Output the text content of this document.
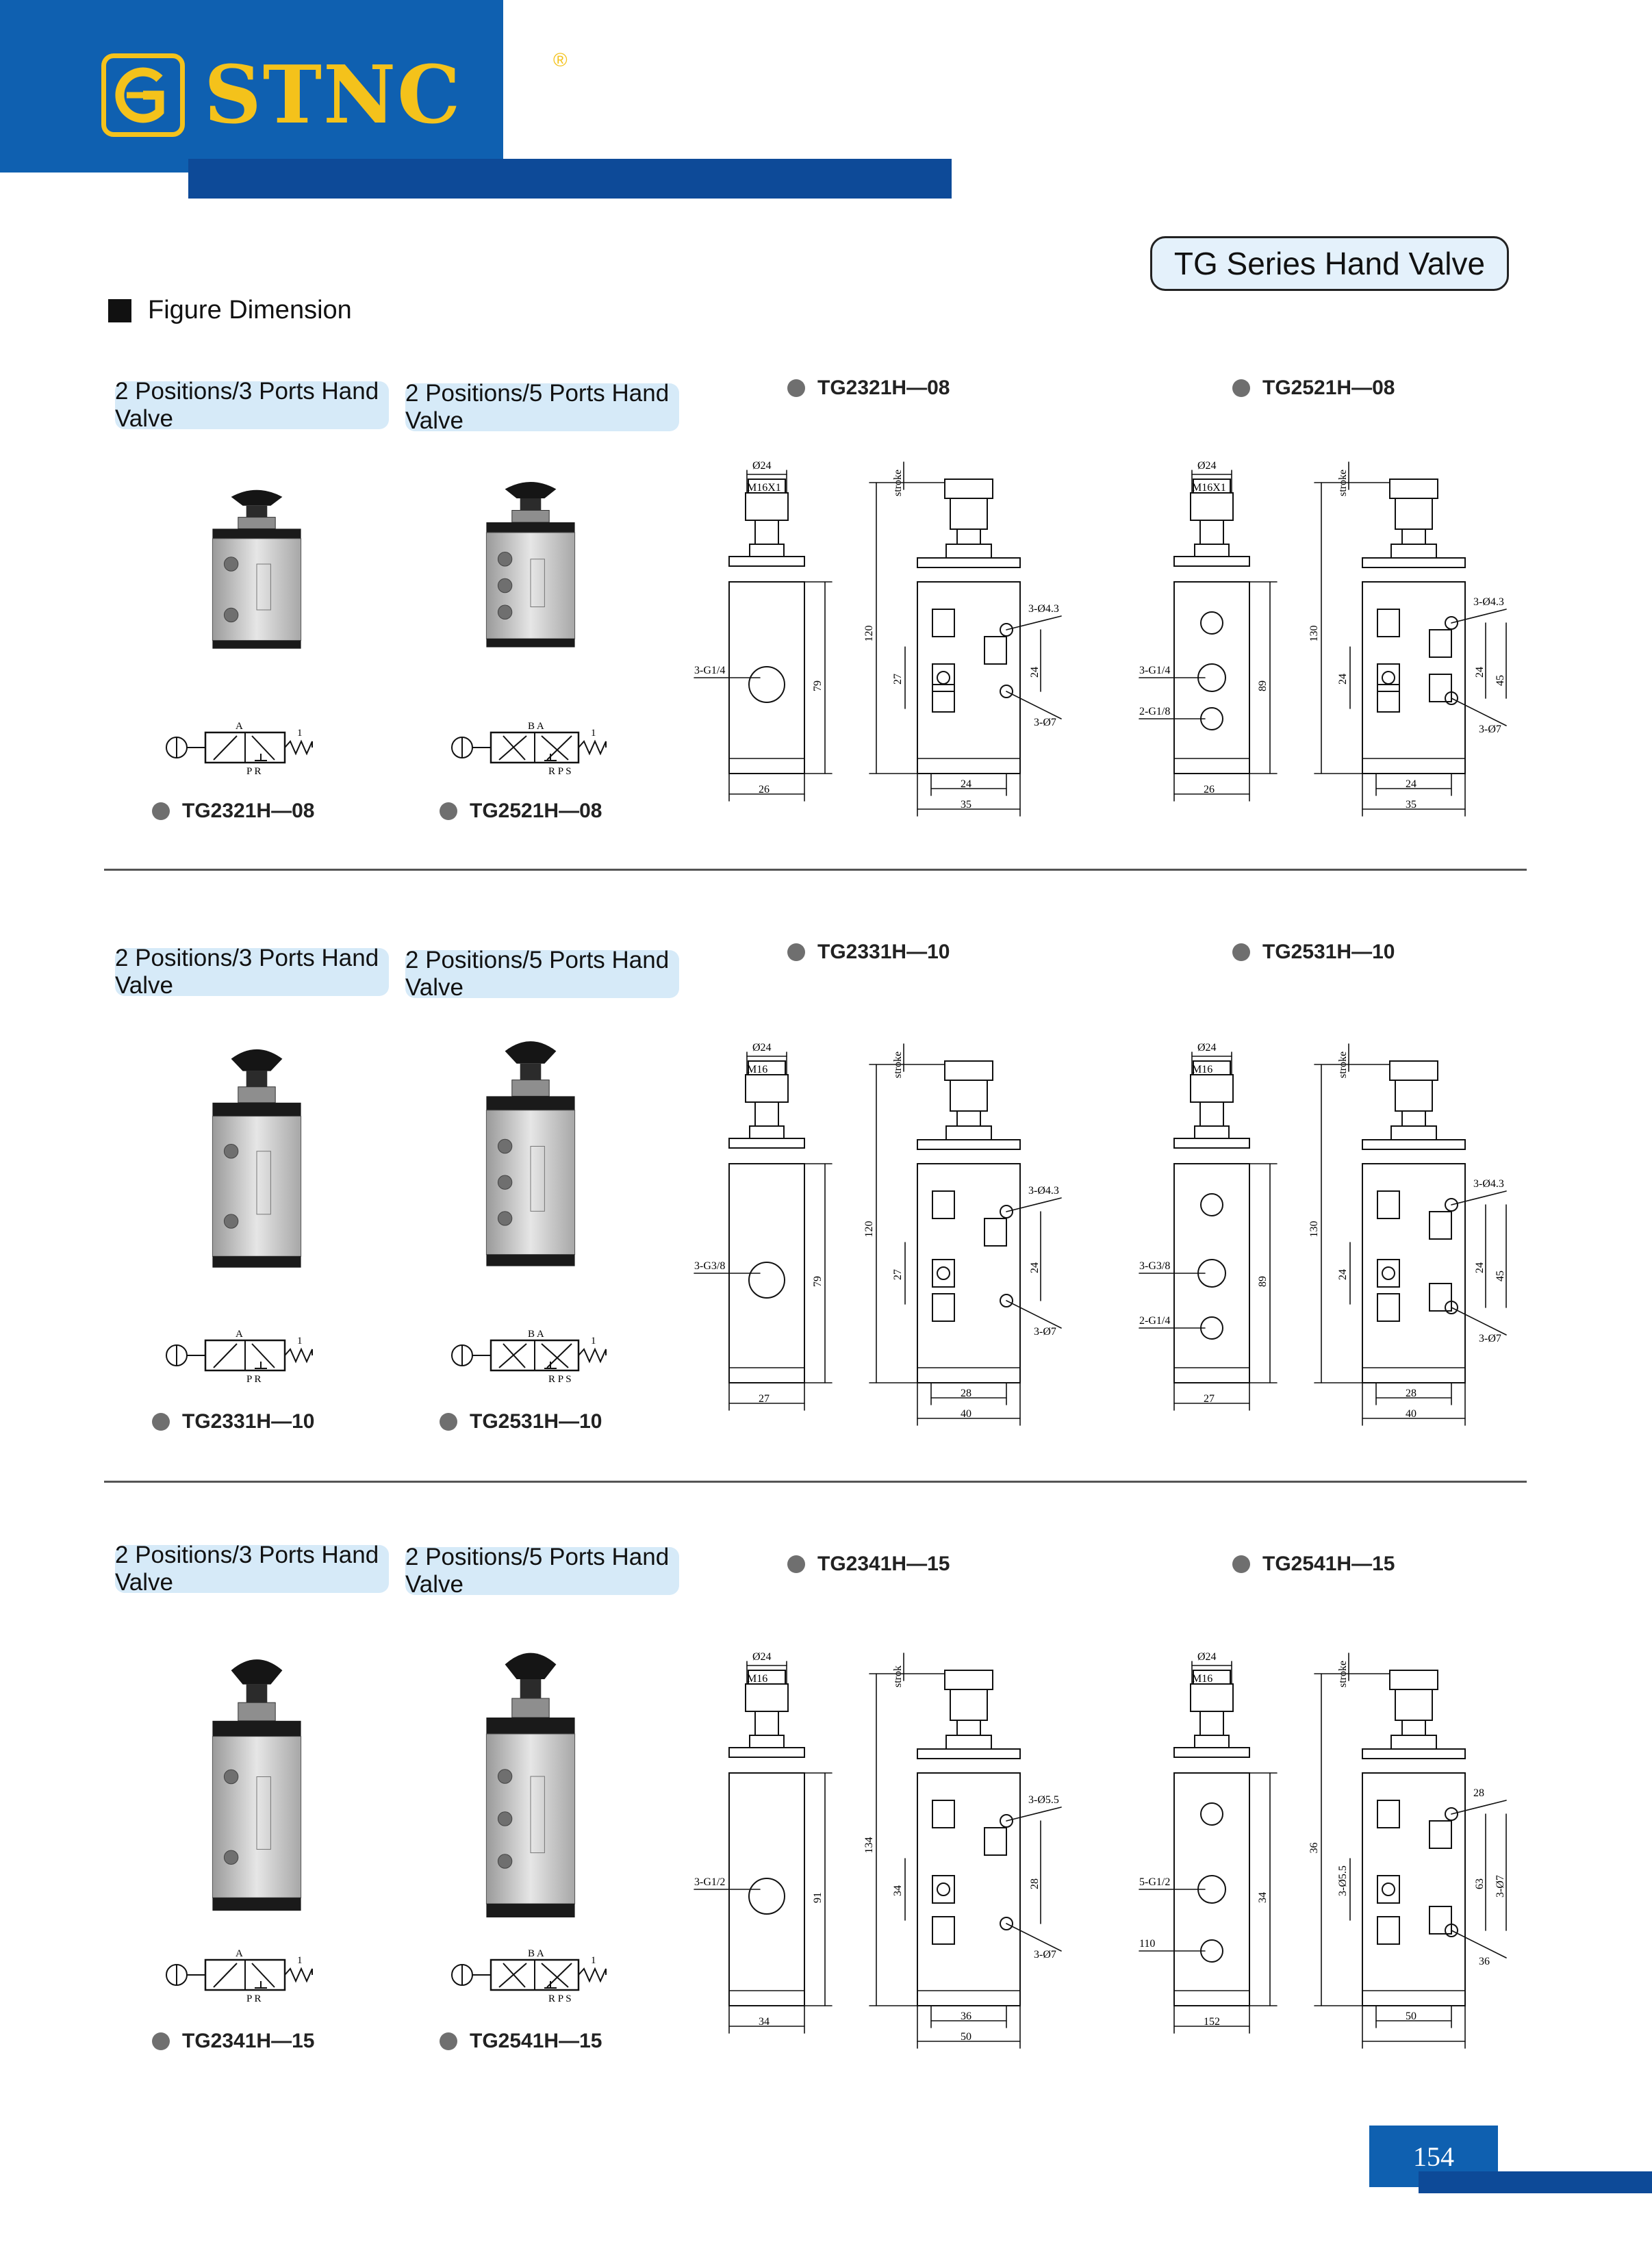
STNC	®
TG Series Hand Valve
Figure Dimension
2 Positions/3 Ports Hand Valve
2 Positions/5 Ports Hand Valve
A
P R
1
B A
R P S
1
TG2321H—08	TG2521H—08
TG2321H—08	TG2521H—08
Ø24
M16X1
79
26
3-G1/4
stroke
120
27
3-Ø4.3
24
3-Ø7
24
35
Ø24
M16X1
89
26
3-G1/4
2-G1/8
stroke
130
24
3-Ø4.3
24
45
3-Ø7
24
35
2 Positions/3 Ports Hand Valve
2 Positions/5 Ports Hand Valve
A
P R
1
B A
R P S
1
TG2331H—10	TG2531H—10
TG2331H—10	TG2531H—10
Ø24
M16
79
27
3-G3/8
stroke
120
27
3-Ø4.3
24
3-Ø7
28
40
Ø24
M16
89
27
3-G3/8
2-G1/4
stroke
130
24
3-Ø4.3
24
45
3-Ø7
28
40
2 Positions/3 Ports Hand Valve
2 Positions/5 Ports Hand Valve
A
P R
1
B A
R P S
1
TG2341H—15	TG2541H—15
TG2341H—15	TG2541H—15
Ø24
M16
91
34
3-G1/2
strok
134
34
3-Ø5.5
28
3-Ø7
36
50
Ø24
M16
34
152
5-G1/2
110
stroke
36
3-Ø5.5
28
63 3-Ø7
36
50
154
